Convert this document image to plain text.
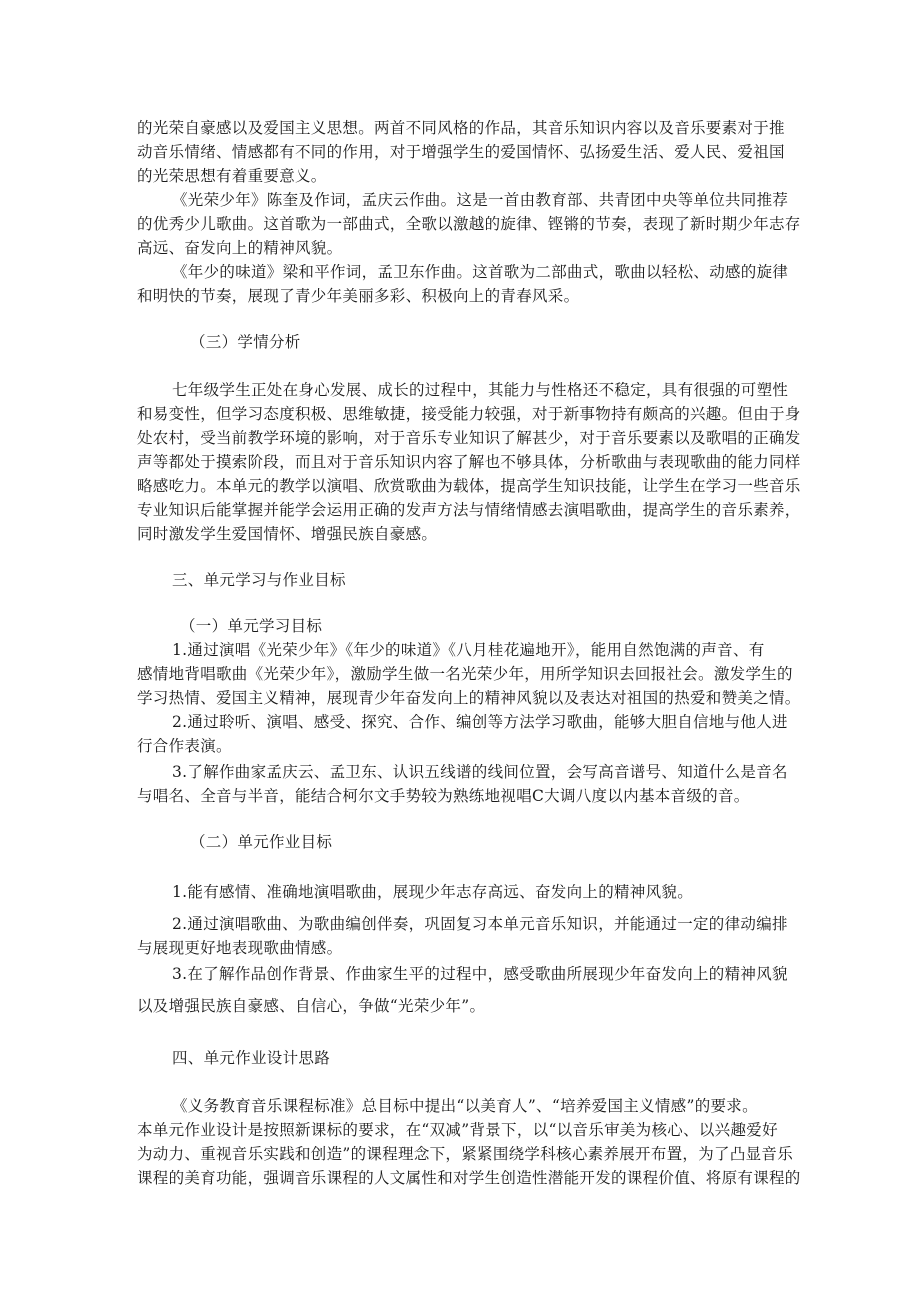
的光荣自豪感以及爱国主义思想。两首不同风格的作品，其音乐知识内容以及音乐要素对于推
动音乐情绪、情感都有不同的作用，对于增强学生的爱国情怀、弘扬爱生活、爱人民、爱祖国
的光荣思想有着重要意义。
《光荣少年》陈奎及作词，孟庆云作曲。这是一首由教育部、共青团中央等单位共同推荐
的优秀少儿歌曲。这首歌为一部曲式，全歌以激越的旋律、铿锵的节奏，表现了新时期少年志存
高远、奋发向上的精神风貌。
《年少的味道》梁和平作词，孟卫东作曲。这首歌为二部曲式，歌曲以轻松、动感的旋律
和明快的节奏，展现了青少年美丽多彩、积极向上的青春风采。
（三）学情分析
七年级学生正处在身心发展、成长的过程中，其能力与性格还不稳定，具有很强的可塑性
和易变性，但学习态度积极、思维敏捷，接受能力较强，对于新事物持有颇高的兴趣。但由于身
处农村，受当前教学环境的影响，对于音乐专业知识了解甚少，对于音乐要素以及歌唱的正确发
声等都处于摸索阶段，而且对于音乐知识内容了解也不够具体，分析歌曲与表现歌曲的能力同样
略感吃力。本单元的教学以演唱、欣赏歌曲为载体，提高学生知识技能，让学生在学习一些音乐
专业知识后能掌握并能学会运用正确的发声方法与情绪情感去演唱歌曲，提高学生的音乐素养，
同时激发学生爱国情怀、增强民族自豪感。
三、单元学习与作业目标
（一）单元学习目标
1.通过演唱《光荣少年》《年少的味道》《八月桂花遍地开》，能用自然饱满的声音、有
感情地背唱歌曲《光荣少年》，激励学生做一名光荣少年，用所学知识去回报社会。激发学生的
学习热情、爱国主义精神，展现青少年奋发向上的精神风貌以及表达对祖国的热爱和赞美之情。
2.通过聆听、演唱、感受、探究、合作、编创等方法学习歌曲，能够大胆自信地与他人进
行合作表演。
3.了解作曲家孟庆云、孟卫东、认识五线谱的线间位置，会写高音谱号、知道什么是音名
与唱名、全音与半音，能结合柯尔文手势较为熟练地视唱C大调八度以内基本音级的音。
（二）单元作业目标
1.能有感情、准确地演唱歌曲，展现少年志存高远、奋发向上的精神风貌。
2.通过演唱歌曲、为歌曲编创伴奏，巩固复习本单元音乐知识，并能通过一定的律动编排
与展现更好地表现歌曲情感。
3.在了解作品创作背景、作曲家生平的过程中，感受歌曲所展现少年奋发向上的精神风貌
以及增强民族自豪感、自信心，争做“光荣少年”。
四、单元作业设计思路
《义务教育音乐课程标准》总目标中提出“以美育人”、“培养爱国主义情感”的要求。
本单元作业设计是按照新课标的要求，在“双减”背景下，以“以音乐审美为核心、以兴趣爱好
为动力、重视音乐实践和创造”的课程理念下，紧紧围绕学科核心素养展开布置，为了凸显音乐
课程的美育功能，强调音乐课程的人文属性和对学生创造性潜能开发的课程价值、将原有课程的
